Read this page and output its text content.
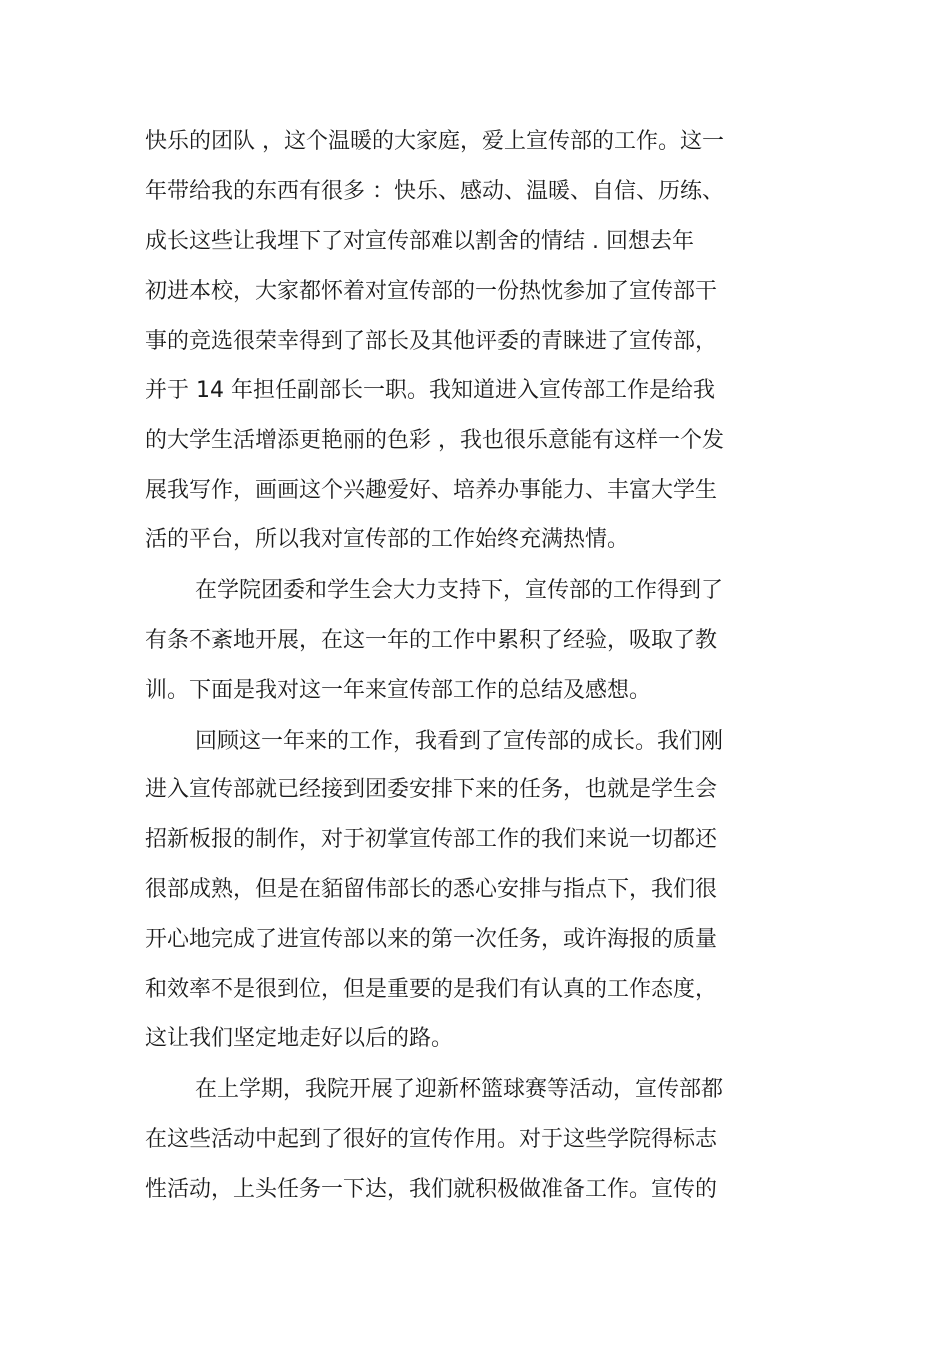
快乐的团队 ，这个温暖的大家庭，爱上宣传部的工作。这一

年带给我的东西有很多 ：快乐、感动、温暖、自信、历练、

成长这些让我埋下了对宣传部难以割舍的情结 . 回想去年

初进本校，大家都怀着对宣传部的一份热忱参加了宣传部干

事的竞选很荣幸得到了部长及其他评委的青睐进了宣传部，

并于 14 年担任副部长一职。我知道进入宣传部工作是给我

的大学生活增添更艳丽的色彩 ，我也很乐意能有这样一个发

展我写作，画画这个兴趣爱好、培养办事能力、丰富大学生

活的平台，所以我对宣传部的工作始终充满热情。

在学院团委和学生会大力支持下，宣传部的工作得到了

有条不紊地开展，在这一年的工作中累积了经验，吸取了教

训。下面是我对这一年来宣传部工作的总结及感想。

回顾这一年来的工作，我看到了宣传部的成长。我们刚

进入宣传部就已经接到团委安排下来的任务，也就是学生会

招新板报的制作，对于初掌宣传部工作的我们来说一切都还

很部成熟，但是在貊留伟部长的悉心安排与指点下，我们很

开心地完成了进宣传部以来的第一次任务，或许海报的质量

和效率不是很到位，但是重要的是我们有认真的工作态度，

这让我们坚定地走好以后的路。

在上学期，我院开展了迎新杯篮球赛等活动，宣传部都

在这些活动中起到了很好的宣传作用。对于这些学院得标志

性活动，上头任务一下达，我们就积极做准备工作。宣传的
